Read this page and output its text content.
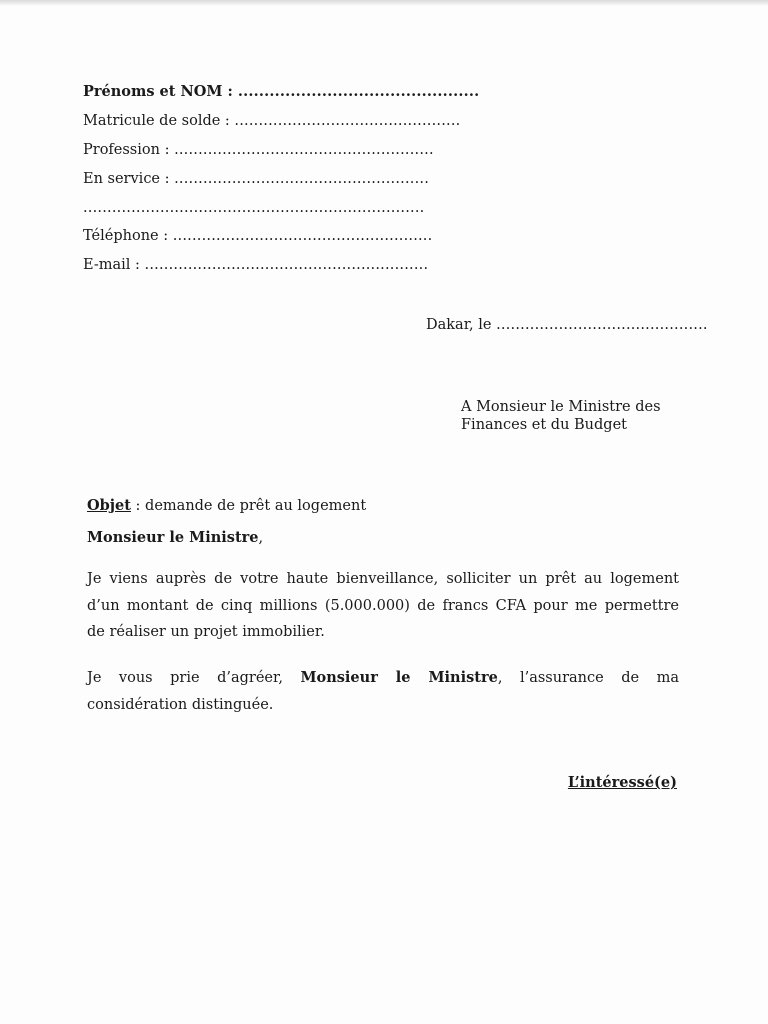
Prénoms et NOM : ..............................................
Matricule de solde : ...............................................
Profession : ......................................................
En service : .....................................................
.......................................................................
Téléphone : ......................................................
E-mail : ...........................................................
Dakar, le ............................................
A Monsieur le Ministre des
Finances et du Budget
Objet : demande de prêt au logement
Monsieur le Ministre,
Je viens auprès de votre haute bienveillance, solliciter un prêt au logement
d’un montant de cinq millions (5.000.000) de francs CFA pour me permettre
de réaliser un projet immobilier.
Je vous prie d’agréer, Monsieur le Ministre, l’assurance de ma
considération distinguée.
L’intéressé(e)
